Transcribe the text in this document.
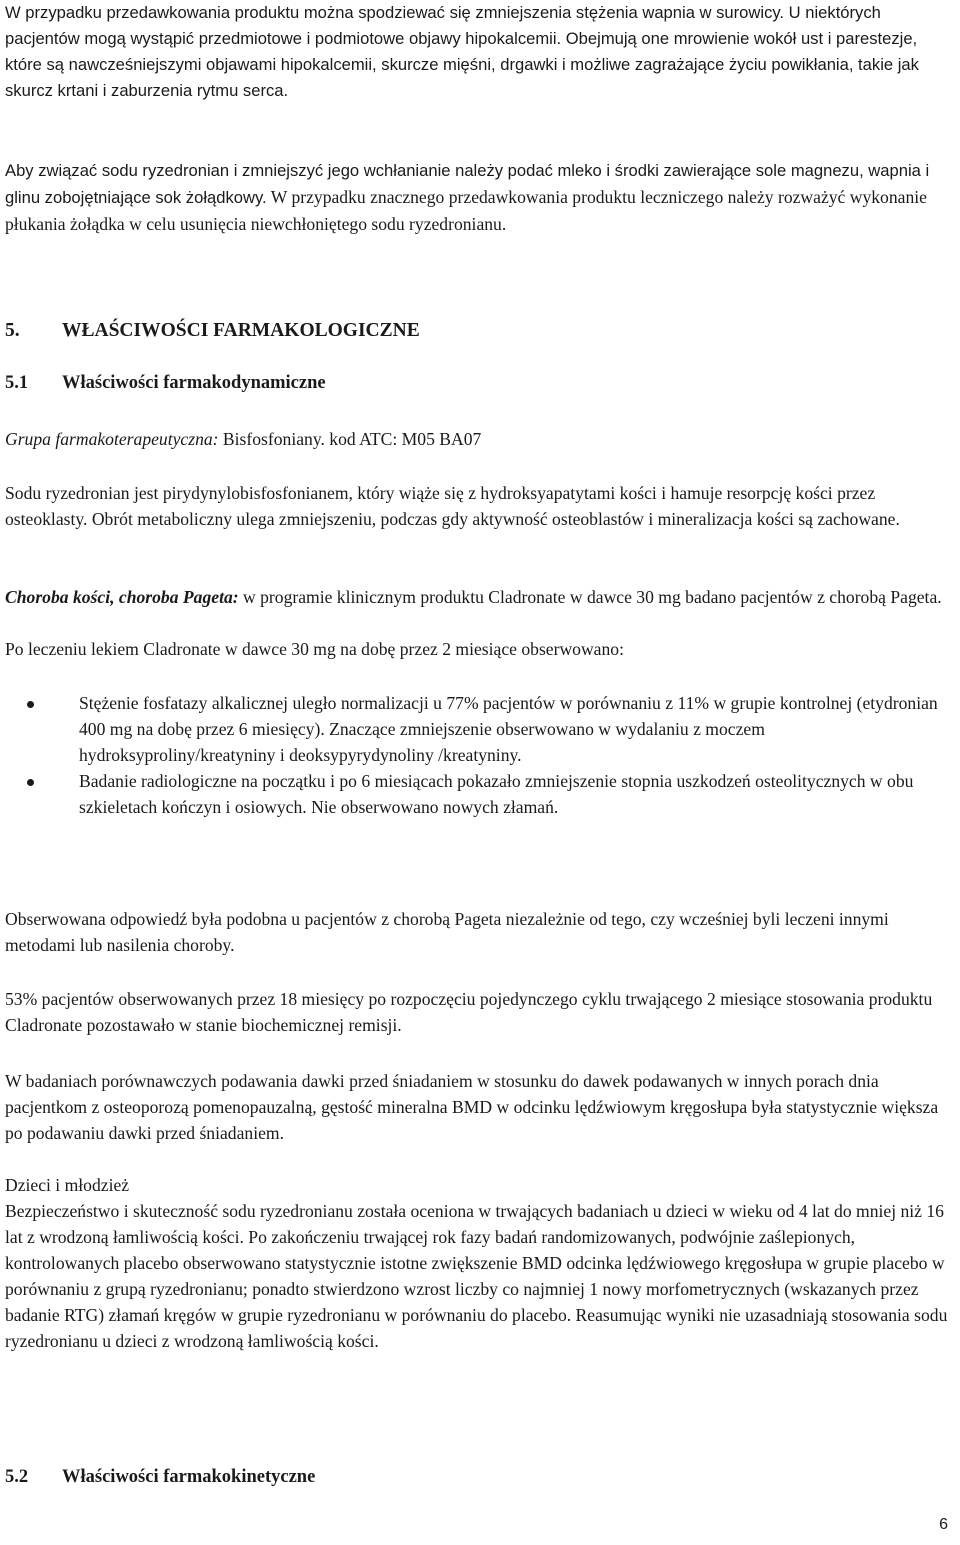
W przypadku przedawkowania produktu można spodziewać się zmniejszenia stężenia wapnia w surowicy. U niektórych pacjentów mogą wystąpić przedmiotowe i podmiotowe objawy hipokalcemii. Obejmują one mrowienie wokół ust i parestezje, które są nawcześniejszymi objawami hipokalcemii, skurcze mięśni, drgawki i możliwe zagrażające życiu powikłania, takie jak skurcz krtani i zaburzenia rytmu serca.

Aby związać sodu ryzedronian i zmniejszyć jego wchłanianie należy podać mleko i środki zawierające sole magnezu, wapnia i glinu zobojętniające sok żołądkowy. W przypadku znacznego przedawkowania produktu leczniczego należy rozważyć wykonanie płukania żołądka w celu usunięcia niewchłoniętego sodu ryzedronianu.

5. WŁAŚCIWOŚCI FARMAKOLOGICZNE
5.1 Właściwości farmakodynamiczne

Grupa farmakoterapeutyczna: Bisfosfoniany. kod ATC: M05 BA07

Sodu ryzedronian jest pirydynylobisfosfonianem, który wiąże się z hydroksyapatytami kości i hamuje resorpcję kości przez osteoklasty. Obrót metaboliczny ulega zmniejszeniu, podczas gdy aktywność osteoblastów i mineralizacja kości są zachowane.

Choroba kości, choroba Pageta: w programie klinicznym produktu Cladronate w dawce 30 mg badano pacjentów z chorobą Pageta.

Po leczeniu lekiem Cladronate w dawce 30 mg na dobę przez 2 miesiące obserwowano:

Stężenie fosfatazy alkalicznej uległo normalizacji u 77% pacjentów w porównaniu z 11% w grupie kontrolnej (etydronian 400 mg na dobę przez 6 miesięcy). Znaczące zmniejszenie obserwowano w wydalaniu z moczem hydroksyproliny/kreatyniny i deoksypyrydynoliny /kreatyniny.
Badanie radiologiczne na początku i po 6 miesiącach pokazało zmniejszenie stopnia uszkodzeń osteolitycznych w obu szkieletach kończyn i osiowych. Nie obserwowano nowych złamań.

Obserwowana odpowiedź była podobna u pacjentów z chorobą Pageta niezależnie od tego, czy wcześniej byli leczeni innymi metodami lub nasilenia choroby.

53% pacjentów obserwowanych przez 18 miesięcy po rozpoczęciu pojedynczego cyklu trwającego 2 miesiące stosowania produktu Cladronate pozostawało w stanie biochemicznej remisji.

W badaniach porównawczych podawania dawki przed śniadaniem w stosunku do dawek podawanych w innych porach dnia pacjentkom z osteoporozą pomenopauzalną, gęstość mineralna BMD w odcinku lędźwiowym kręgosłupa była statystycznie większa po podawaniu dawki przed śniadaniem.

Dzieci i młodzież

Bezpieczeństwo i skuteczność sodu ryzedronianu została oceniona w trwających badaniach u dzieci w wieku od 4 lat do mniej niż 16 lat z wrodzoną łamliwością kości. Po zakończeniu trwającej rok fazy badań randomizowanych, podwójnie zaślepionych, kontrolowanych placebo obserwowano statystycznie istotne zwiększenie BMD odcinka lędźwiowego kręgosłupa w grupie placebo w porównaniu z grupą ryzedronianu; ponadto stwierdzono wzrost liczby co najmniej 1 nowy morfometrycznych (wskazanych przez badanie RTG) złamań kręgów w grupie ryzedronianu w porównaniu do placebo. Reasumując wyniki nie uzasadniają stosowania sodu ryzedronianu u dzieci z wrodzoną łamliwością kości.

5.2 Właściwości farmakokinetyczne
6
